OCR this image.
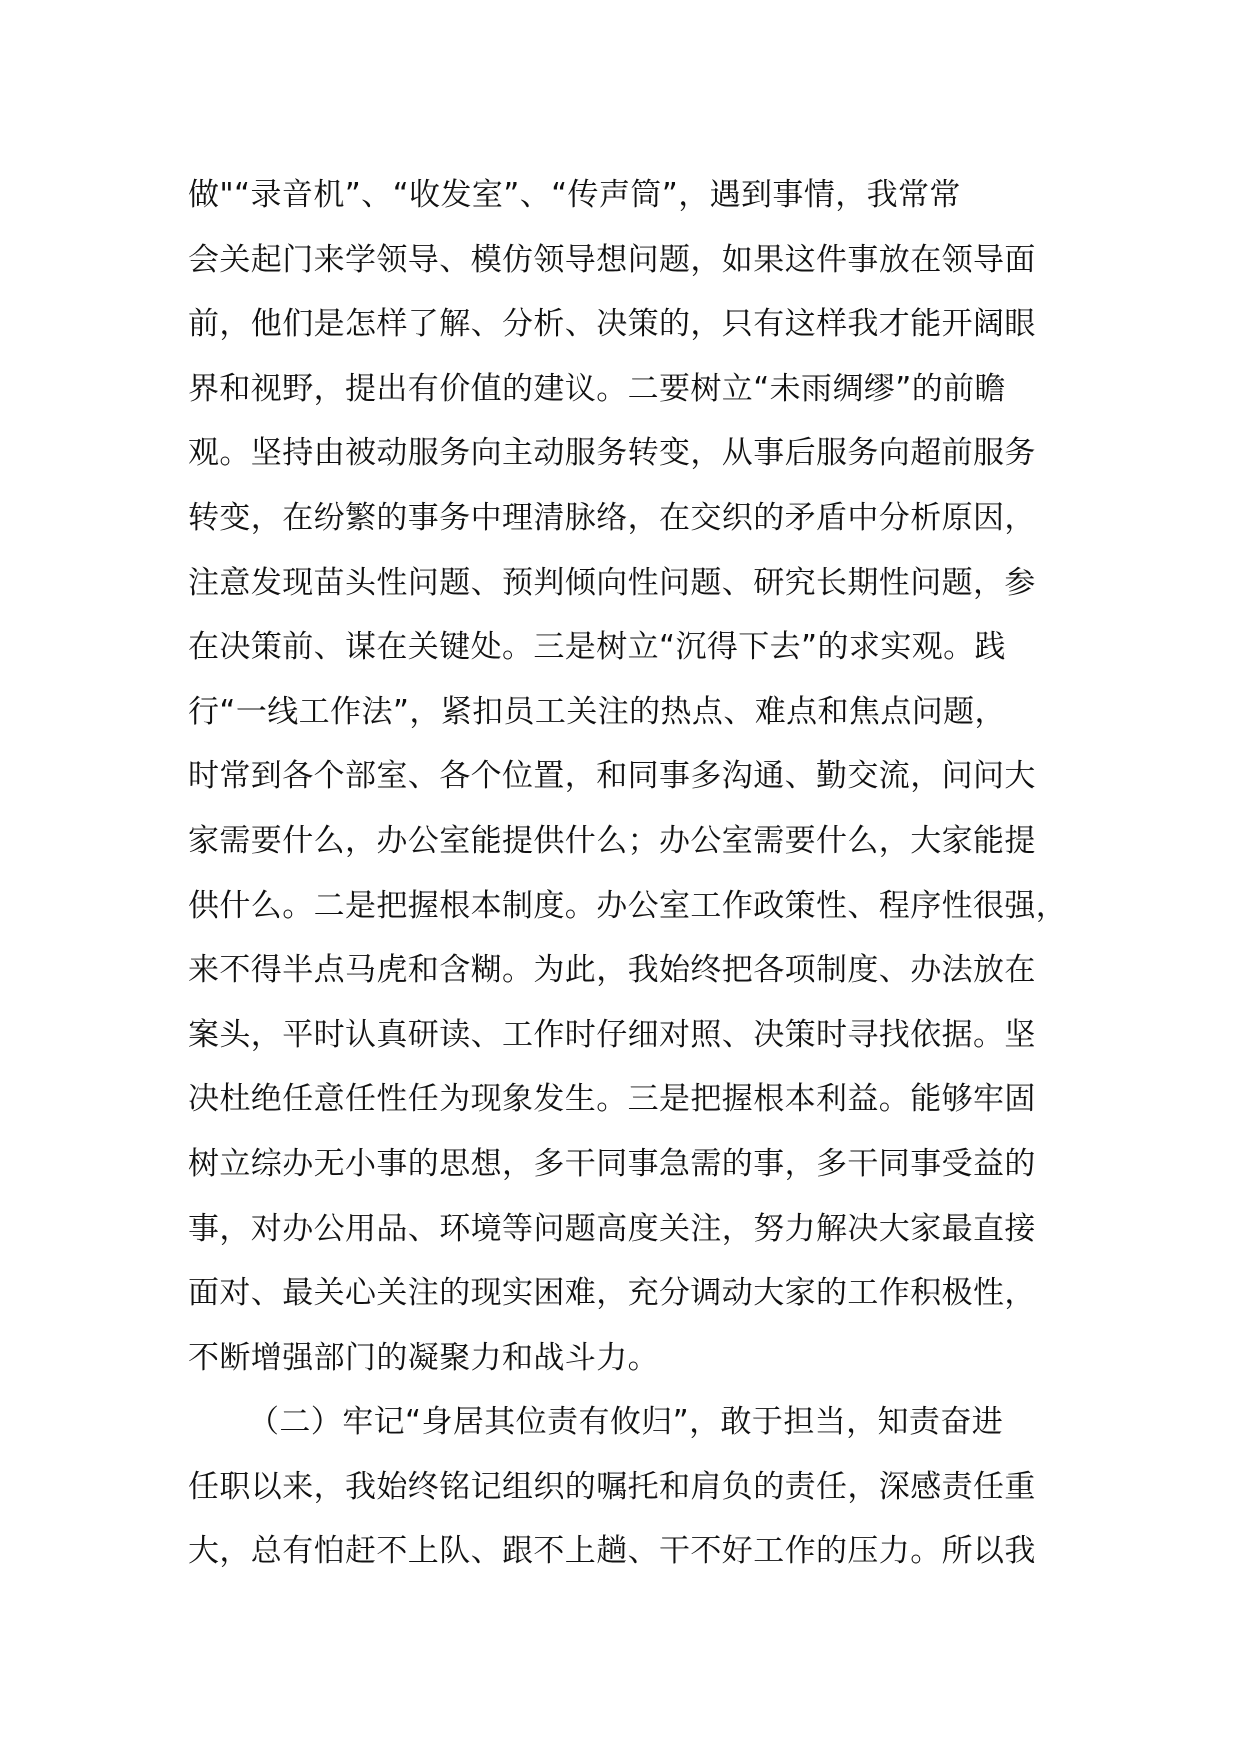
做"“录音机”、“收发室”、“传声筒”，遇到事情，我常常

会关起门来学领导、模仿领导想问题，如果这件事放在领导面

前，他们是怎样了解、分析、决策的，只有这样我才能开阔眼

界和视野，提出有价值的建议。二要树立“未雨绸缪”的前瞻

观。坚持由被动服务向主动服务转变，从事后服务向超前服务

转变，在纷繁的事务中理清脉络，在交织的矛盾中分析原因，

注意发现苗头性问题、预判倾向性问题、研究长期性问题，参

在决策前、谋在关键处。三是树立“沉得下去”的求实观。践

行“一线工作法”，紧扣员工关注的热点、难点和焦点问题，

时常到各个部室、各个位置，和同事多沟通、勤交流，问问大

家需要什么，办公室能提供什么；办公室需要什么，大家能提

供什么。二是把握根本制度。办公室工作政策性、程序性很强，

来不得半点马虎和含糊。为此，我始终把各项制度、办法放在

案头，平时认真研读、工作时仔细对照、决策时寻找依据。坚

决杜绝任意任性任为现象发生。三是把握根本利益。能够牢固

树立综办无小事的思想，多干同事急需的事，多干同事受益的

事，对办公用品、环境等问题高度关注，努力解决大家最直接

面对、最关心关注的现实困难，充分调动大家的工作积极性，

不断增强部门的凝聚力和战斗力。

（二）牢记“身居其位责有攸归”，敢于担当，知责奋进

任职以来，我始终铭记组织的嘱托和肩负的责任，深感责任重

大，总有怕赶不上队、跟不上趟、干不好工作的压力。所以我
